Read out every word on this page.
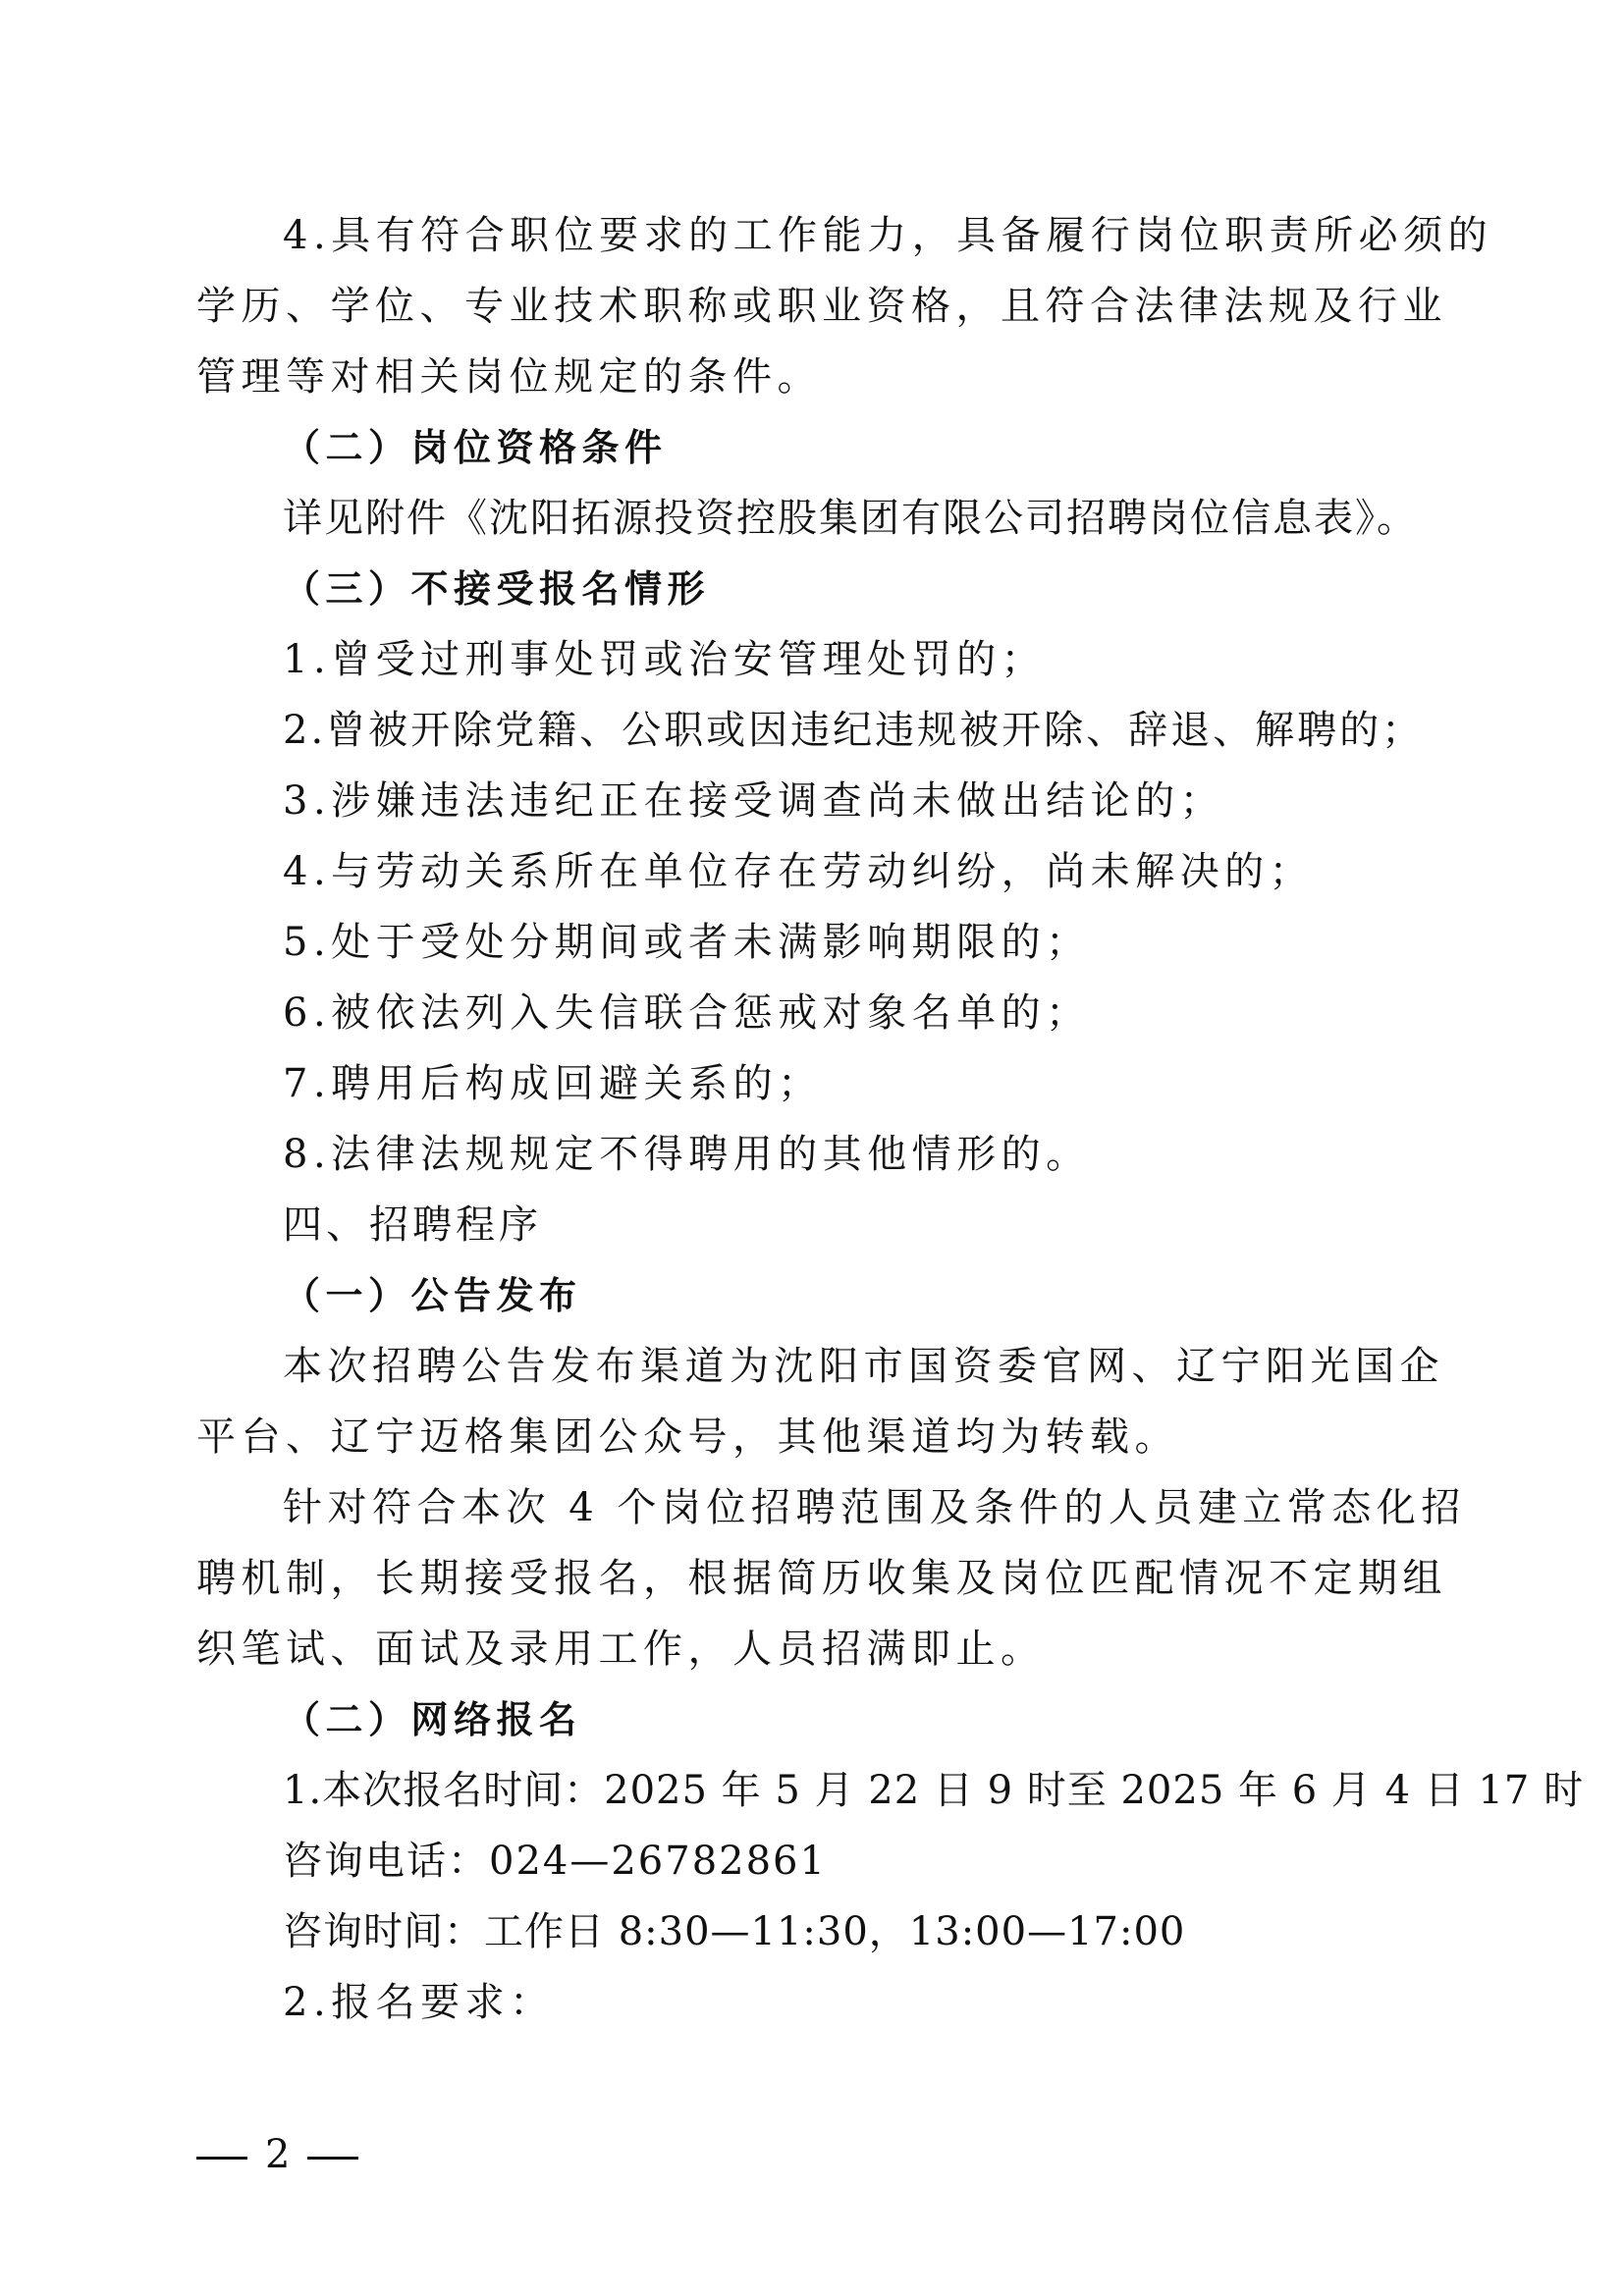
4.具有符合职位要求的工作能力，具备履行岗位职责所必须的

学历、学位、专业技术职称或职业资格，且符合法律法规及行业

管理等对相关岗位规定的条件。

（二）岗位资格条件

详见附件《沈阳拓源投资控股集团有限公司招聘岗位信息表》。

（三）不接受报名情形

1.曾受过刑事处罚或治安管理处罚的；

2.曾被开除党籍、公职或因违纪违规被开除、辞退、解聘的；

3.涉嫌违法违纪正在接受调查尚未做出结论的；

4.与劳动关系所在单位存在劳动纠纷，尚未解决的；

5.处于受处分期间或者未满影响期限的；

6.被依法列入失信联合惩戒对象名单的；

7.聘用后构成回避关系的；

8.法律法规规定不得聘用的其他情形的。

四、招聘程序

（一）公告发布

本次招聘公告发布渠道为沈阳市国资委官网、辽宁阳光国企

平台、辽宁迈格集团公众号，其他渠道均为转载。

针对符合本次 4 个岗位招聘范围及条件的人员建立常态化招

聘机制，长期接受报名，根据简历收集及岗位匹配情况不定期组

织笔试、面试及录用工作，人员招满即止。

（二）网络报名

1.本次报名时间：2025 年 5 月 22 日 9 时至 2025 年 6 月 4 日 17 时

咨询电话：024—26782861

咨询时间：工作日 8:30—11:30，13:00—17:00

2.报名要求：

2
